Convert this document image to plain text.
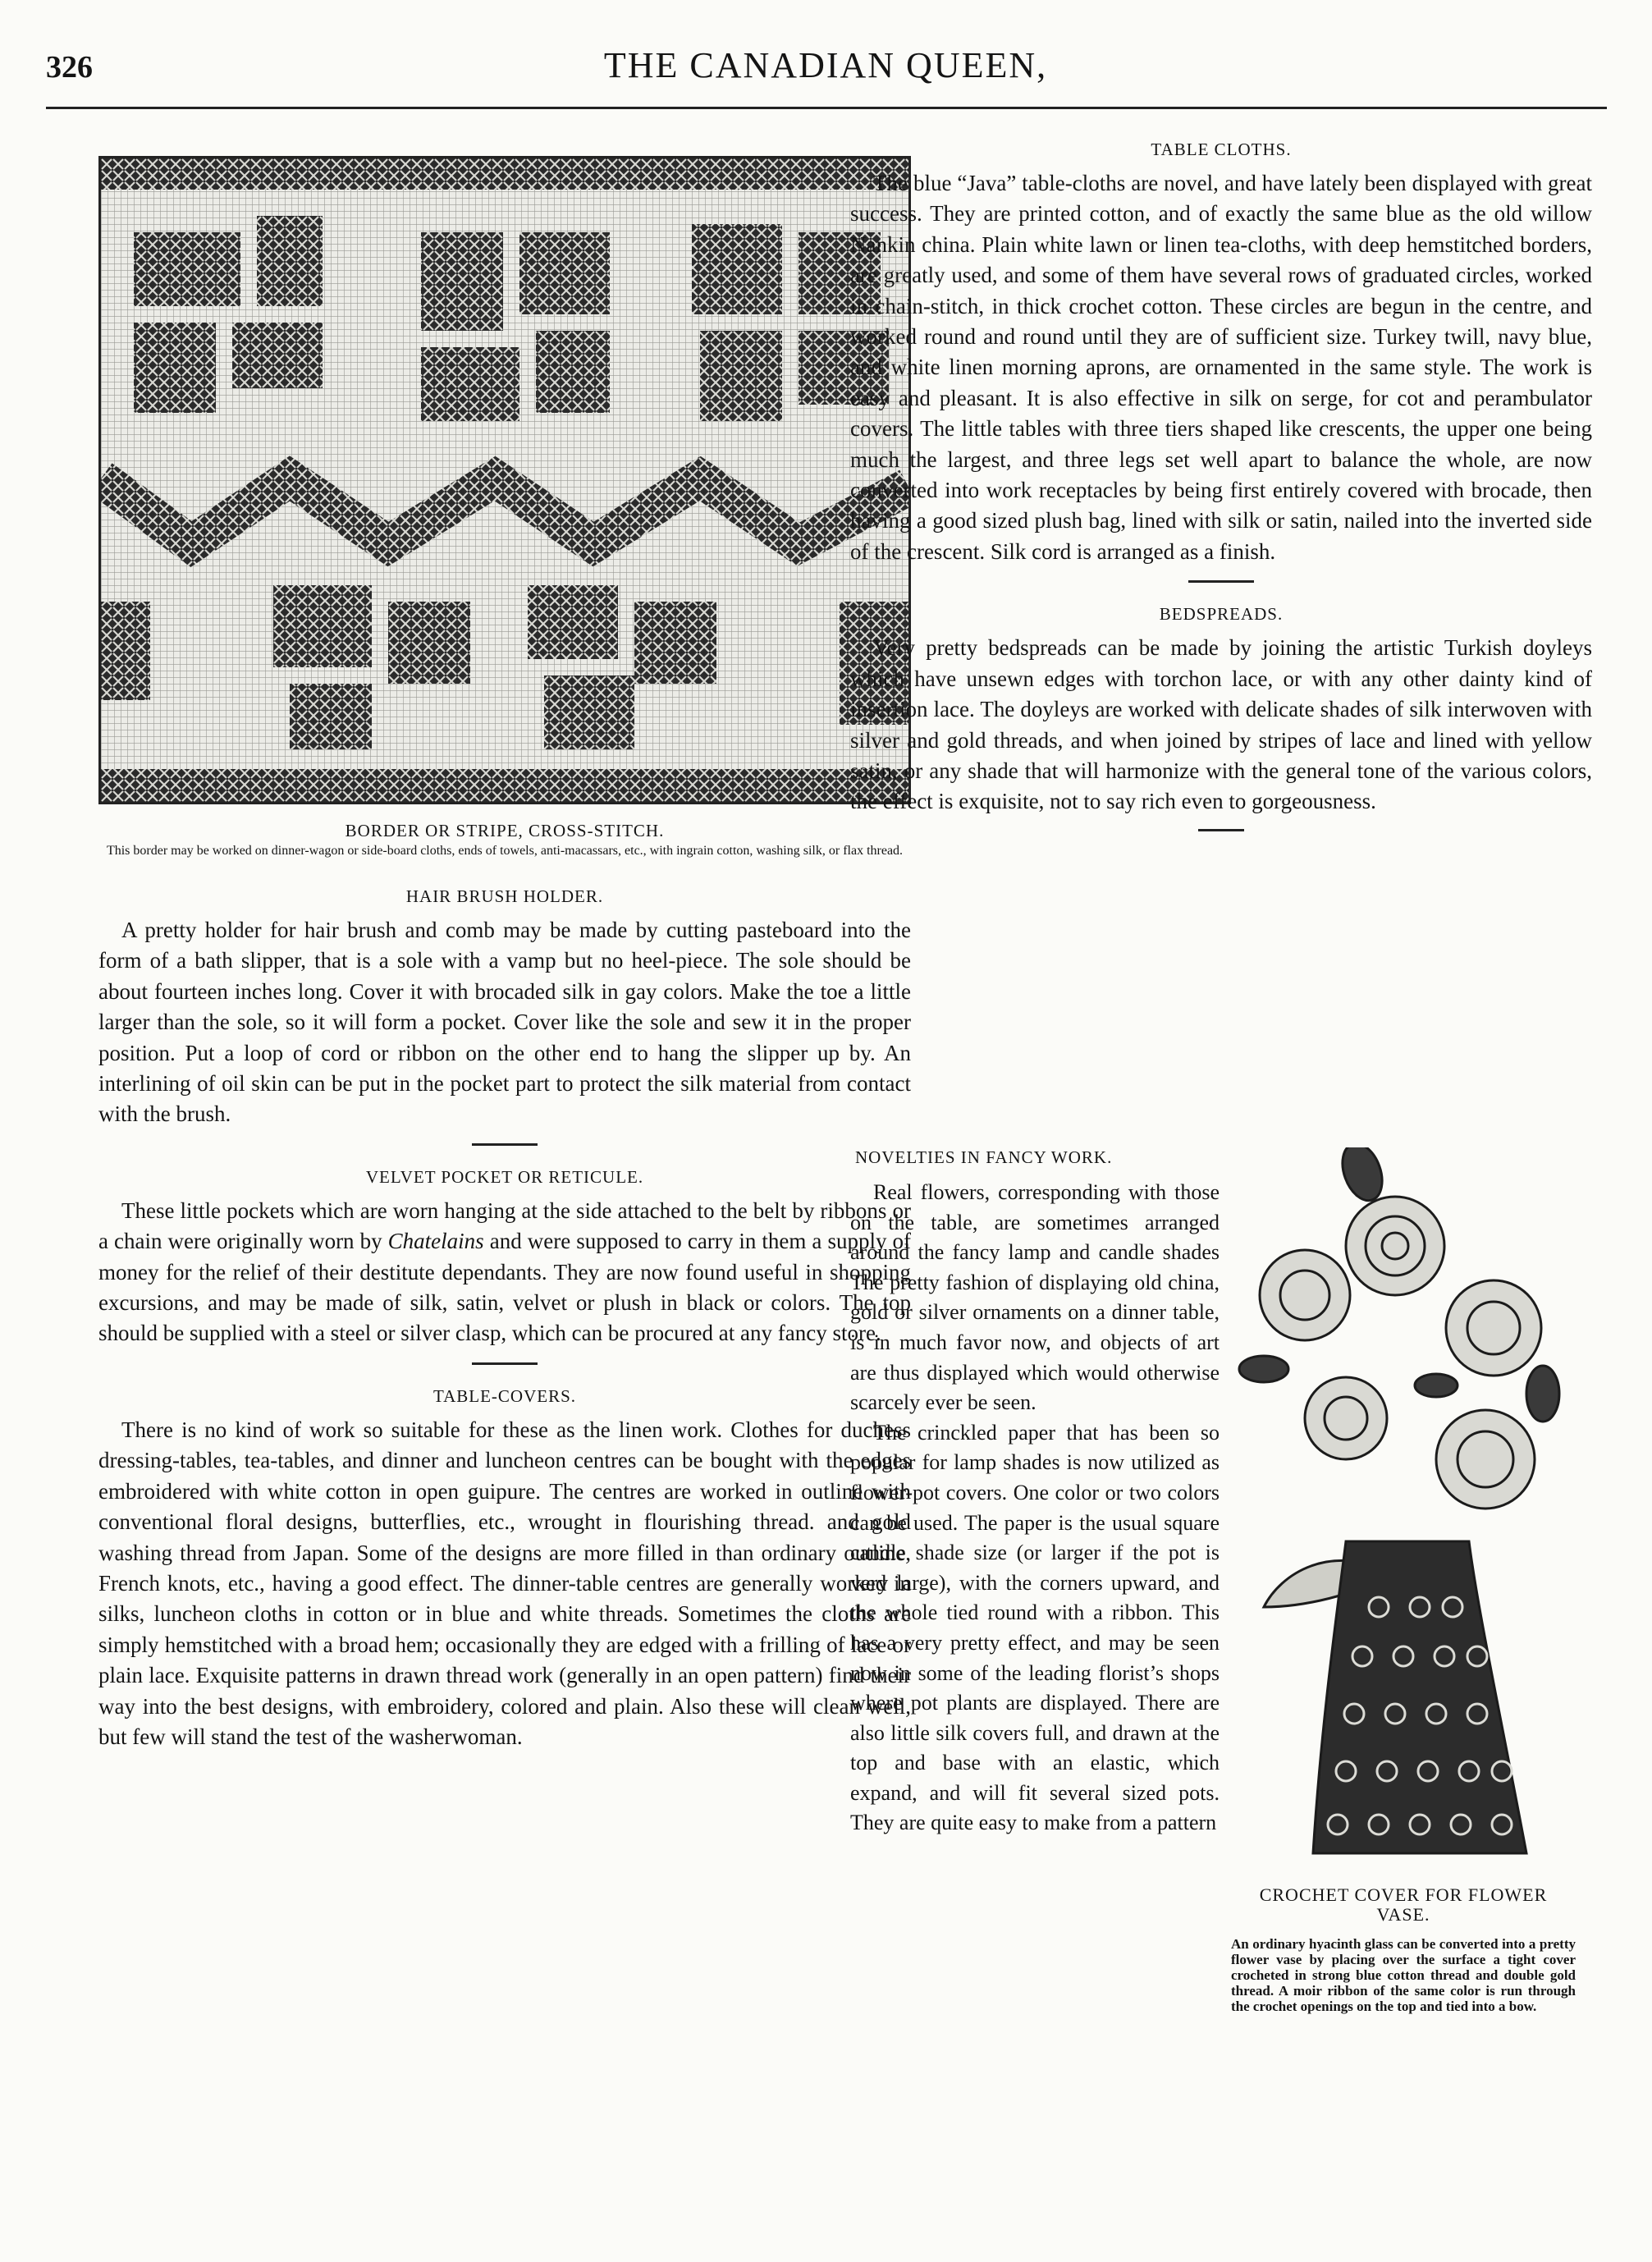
326	THE CANADIAN QUEEN,
BORDER OR STRIPE, CROSS-STITCH.
This border may be worked on dinner-wagon or side-board cloths, ends of towels, anti-macassars, etc., with ingrain cotton, washing silk, or flax thread.
HAIR BRUSH HOLDER.

A pretty holder for hair brush and comb may be made by cutting pasteboard into the form of a bath slipper, that is a sole with a vamp but no heel-piece. The sole should be about fourteen inches long. Cover it with brocaded silk in gay colors. Make the toe a little larger than the sole, so it will form a pocket. Cover like the sole and sew it in the proper position. Put a loop of cord or ribbon on the other end to hang the slipper up by. An interlining of oil skin can be put in the pocket part to protect the silk material from contact with the brush.

VELVET POCKET OR RETICULE.

These little pockets which are worn hanging at the side attached to the belt by ribbons or a chain were originally worn by Chatelains and were supposed to carry in them a supply of money for the relief of their destitute dependants. They are now found useful in shopping excursions, and may be made of silk, satin, velvet or plush in black or colors. The top should be supplied with a steel or silver clasp, which can be procured at any fancy store.

TABLE-COVERS.

There is no kind of work so suitable for these as the linen work. Clothes for duchess dressing-tables, tea-tables, and dinner and luncheon centres can be bought with the edges embroidered with white cotton in open guipure. The centres are worked in outline with conventional floral designs, butterflies, etc., wrought in flourishing thread. and gold washing thread from Japan. Some of the designs are more filled in than ordinary outline, French knots, etc., having a good effect. The dinner-table centres are generally worked in silks, luncheon cloths in cotton or in blue and white threads. Sometimes the cloths are simply hemstitched with a broad hem; occasionally they are edged with a frilling of lace or plain lace. Exquisite patterns in drawn thread work (generally in an open pattern) find their way into the best designs, with embroidery, colored and plain. Also these will clean well, but few will stand the test of the washerwoman.

TABLE CLOTHS.

The blue “Java” table-cloths are novel, and have lately been displayed with great success. They are printed cotton, and of exactly the same blue as the old willow Nankin china. Plain white lawn or linen tea-cloths, with deep hemstitched borders, are greatly used, and some of them have several rows of graduated circles, worked in chain-stitch, in thick crochet cotton. These circles are begun in the centre, and worked round and round until they are of sufficient size. Turkey twill, navy blue, and white linen morning aprons, are ornamented in the same style. The work is easy and pleasant. It is also effective in silk on serge, for cot and perambulator covers. The little tables with three tiers shaped like crescents, the upper one being much the largest, and three legs set well apart to balance the whole, are now converted into work receptacles by being first entirely covered with brocade, then having a good sized plush bag, lined with silk or satin, nailed into the inverted side of the crescent. Silk cord is arranged as a finish.

BEDSPREADS.

Very pretty bedspreads can be made by joining the artistic Turkish doyleys which have unsewn edges with torchon lace, or with any other dainty kind of insertion lace. The doyleys are worked with delicate shades of silk interwoven with silver and gold threads, and when joined by stripes of lace and lined with yellow satin, or any shade that will harmonize with the general tone of the various colors, the effect is exquisite, not to say rich even to gorgeousness.

NOVELTIES IN FANCY WORK.

Real flowers, corresponding with those on the table, are sometimes arranged around the fancy lamp and candle shades The pretty fashion of displaying old china, gold or silver ornaments on a dinner table, is in much favor now, and objects of art are thus displayed which would otherwise scarcely ever be seen.

The crinckled paper that has been so popular for lamp shades is now utilized as flower-pot covers. One color or two colors can be used. The paper is the usual square candle shade size (or larger if the pot is very large), with the corners upward, and the whole tied round with a ribbon. This has a very pretty effect, and may be seen now in some of the leading florist’s shops where pot plants are displayed. There are also little silk covers full, and drawn at the top and base with an elastic, which expand, and will fit several sized pots. They are quite easy to make from a pattern

CROCHET COVER FOR FLOWER VASE.
An ordinary hyacinth glass can be converted into a pretty flower vase by placing over the surface a tight cover crocheted in strong blue cotton thread and double gold thread. A moir ribbon of the same color is run through the crochet openings on the top and tied into a bow.
